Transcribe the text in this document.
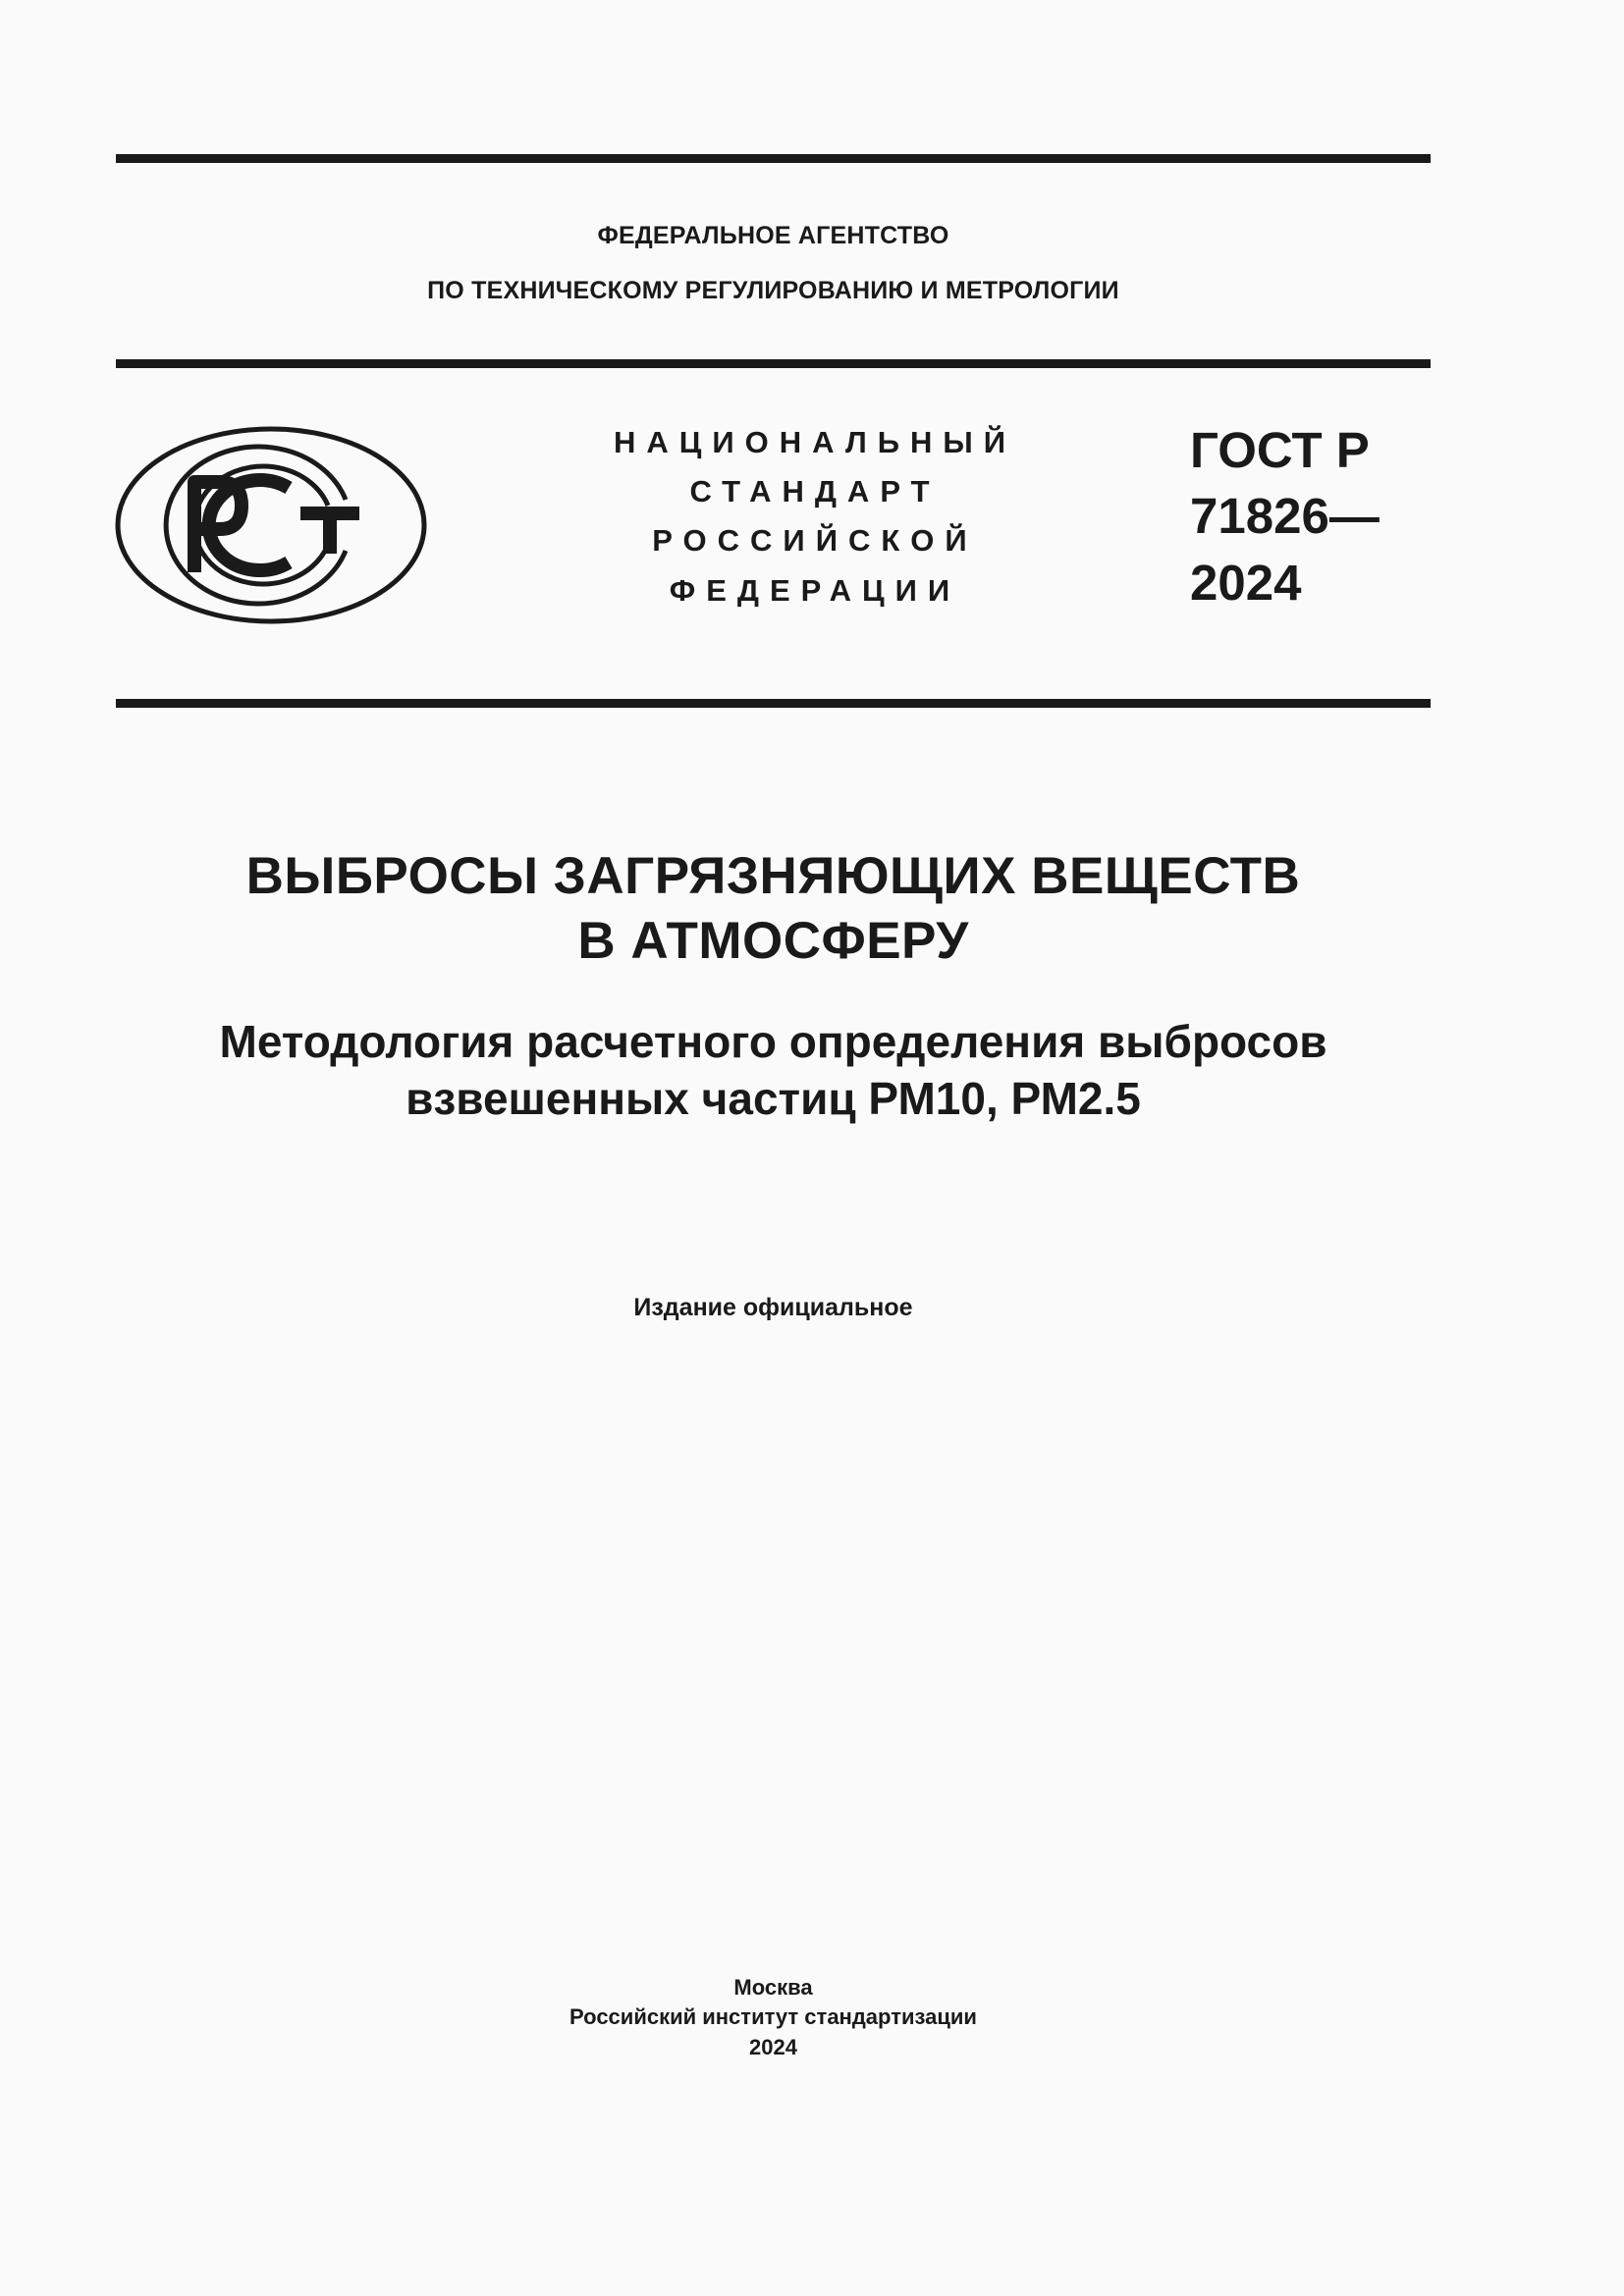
ФЕДЕРАЛЬНОЕ АГЕНТСТВО
ПО ТЕХНИЧЕСКОМУ РЕГУЛИРОВАНИЮ И МЕТРОЛОГИИ
НАЦИОНАЛЬНЫЙ
СТАНДАРТ
РОССИЙСКОЙ
ФЕДЕРАЦИИ
ГОСТ Р
71826—
2024
ВЫБРОСЫ ЗАГРЯЗНЯЮЩИХ ВЕЩЕСТВ
В АТМОСФЕРУ
Методология расчетного определения выбросов
взвешенных частиц РМ10, РМ2.5
Издание официальное
Москва
Российский институт стандартизации
2024
